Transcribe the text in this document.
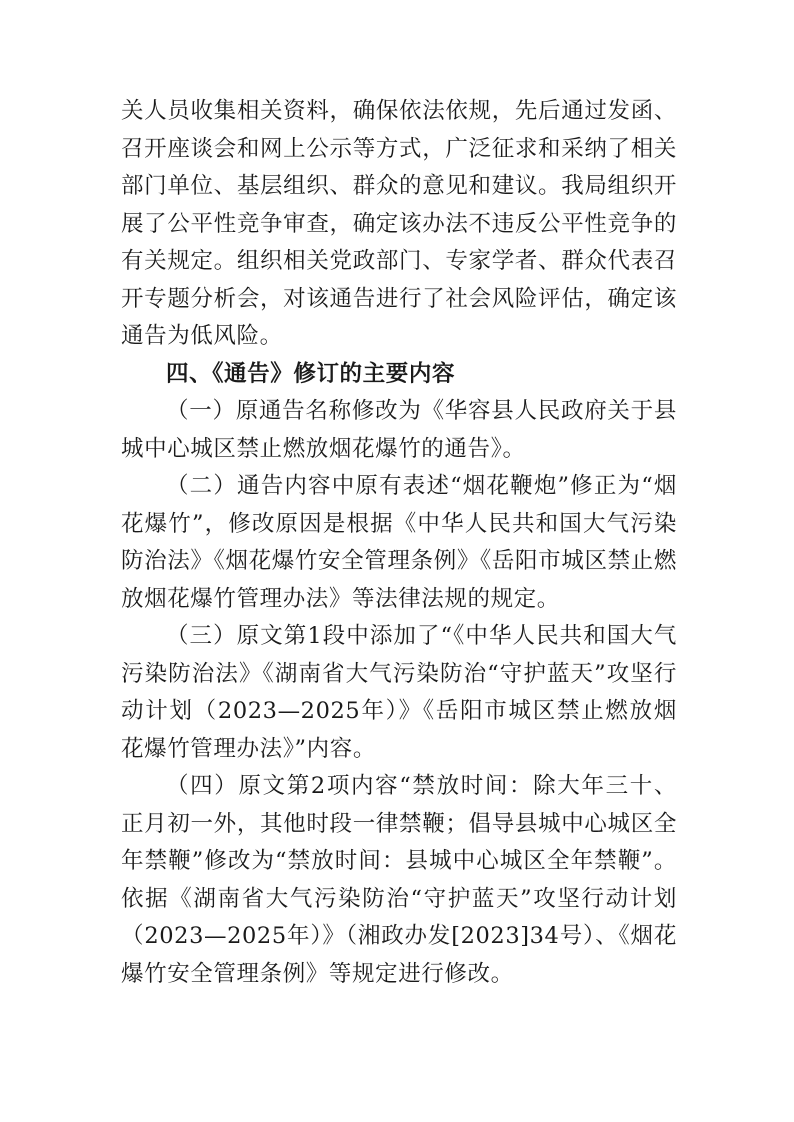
关人员收集相关资料，确保依法依规，先后通过发函、召开座谈会和网上公示等方式，广泛征求和采纳了相关部门单位、基层组织、群众的意见和建议。我局组织开展了公平性竞争审查，确定该办法不违反公平性竞争的有关规定。组织相关党政部门、专家学者、群众代表召开专题分析会，对该通告进行了社会风险评估，确定该通告为低风险。

四、《通告》修订的主要内容

（一）原通告名称修改为《华容县人民政府关于县城中心城区禁止燃放烟花爆竹的通告》。

（二）通告内容中原有表述“烟花鞭炮”修正为“烟花爆竹”，修改原因是根据《中华人民共和国大气污染防治法》《烟花爆竹安全管理条例》《岳阳市城区禁止燃放烟花爆竹管理办法》等法律法规的规定。

（三）原文第1段中添加了“《中华人民共和国大气污染防治法》《湖南省大气污染防治“守护蓝天”攻坚行动计划（2023—2025年）》《岳阳市城区禁止燃放烟花爆竹管理办法》”内容。

（四）原文第2项内容“禁放时间：除大年三十、正月初一外，其他时段一律禁鞭；倡导县城中心城区全年禁鞭”修改为“禁放时间：县城中心城区全年禁鞭”。依据《湖南省大气污染防治“守护蓝天”攻坚行动计划（2023—2025年）》（湘政办发[2023]34号）、《烟花爆竹安全管理条例》等规定进行修改。
